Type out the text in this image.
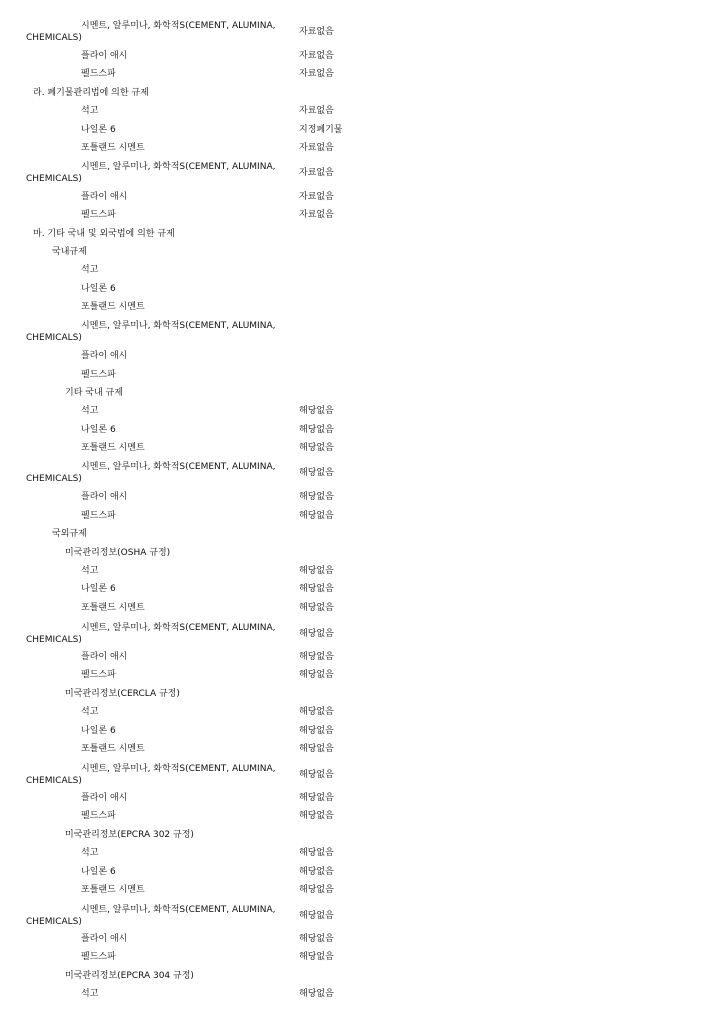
시멘트, 알루미나, 화학적S(CEMENT, ALUMINA,
CHEMICALS)
자료없음
플라이 애시	자료없음
펠드스파	자료없음
라. 폐기물관리법에 의한 규제
석고	자료없음
나일론 6	지정폐기물
포틀랜드 시멘트	자료없음
시멘트, 알루미나, 화학적S(CEMENT, ALUMINA,
CHEMICALS)
자료없음
플라이 애시	자료없음
펠드스파	자료없음
마. 기타 국내 및 외국법에 의한 규제
국내규제
석고
나일론 6
포틀랜드 시멘트
시멘트, 알루미나, 화학적S(CEMENT, ALUMINA,
CHEMICALS)
플라이 애시
펠드스파
기타 국내 규제
석고	해당없음
나일론 6	해당없음
포틀랜드 시멘트	해당없음
시멘트, 알루미나, 화학적S(CEMENT, ALUMINA,
CHEMICALS)
해당없음
플라이 애시	해당없음
펠드스파	해당없음
국외규제
미국관리정보(OSHA 규정)
석고	해당없음
나일론 6	해당없음
포틀랜드 시멘트	해당없음
시멘트, 알루미나, 화학적S(CEMENT, ALUMINA,
CHEMICALS)
해당없음
플라이 애시	해당없음
펠드스파	해당없음
미국관리정보(CERCLA 규정)
석고	해당없음
나일론 6	해당없음
포틀랜드 시멘트	해당없음
시멘트, 알루미나, 화학적S(CEMENT, ALUMINA,
CHEMICALS)
해당없음
플라이 애시	해당없음
펠드스파	해당없음
미국관리정보(EPCRA 302 규정)
석고	해당없음
나일론 6	해당없음
포틀랜드 시멘트	해당없음
시멘트, 알루미나, 화학적S(CEMENT, ALUMINA,
CHEMICALS)
해당없음
플라이 애시	해당없음
펠드스파	해당없음
미국관리정보(EPCRA 304 규정)
석고	해당없음
